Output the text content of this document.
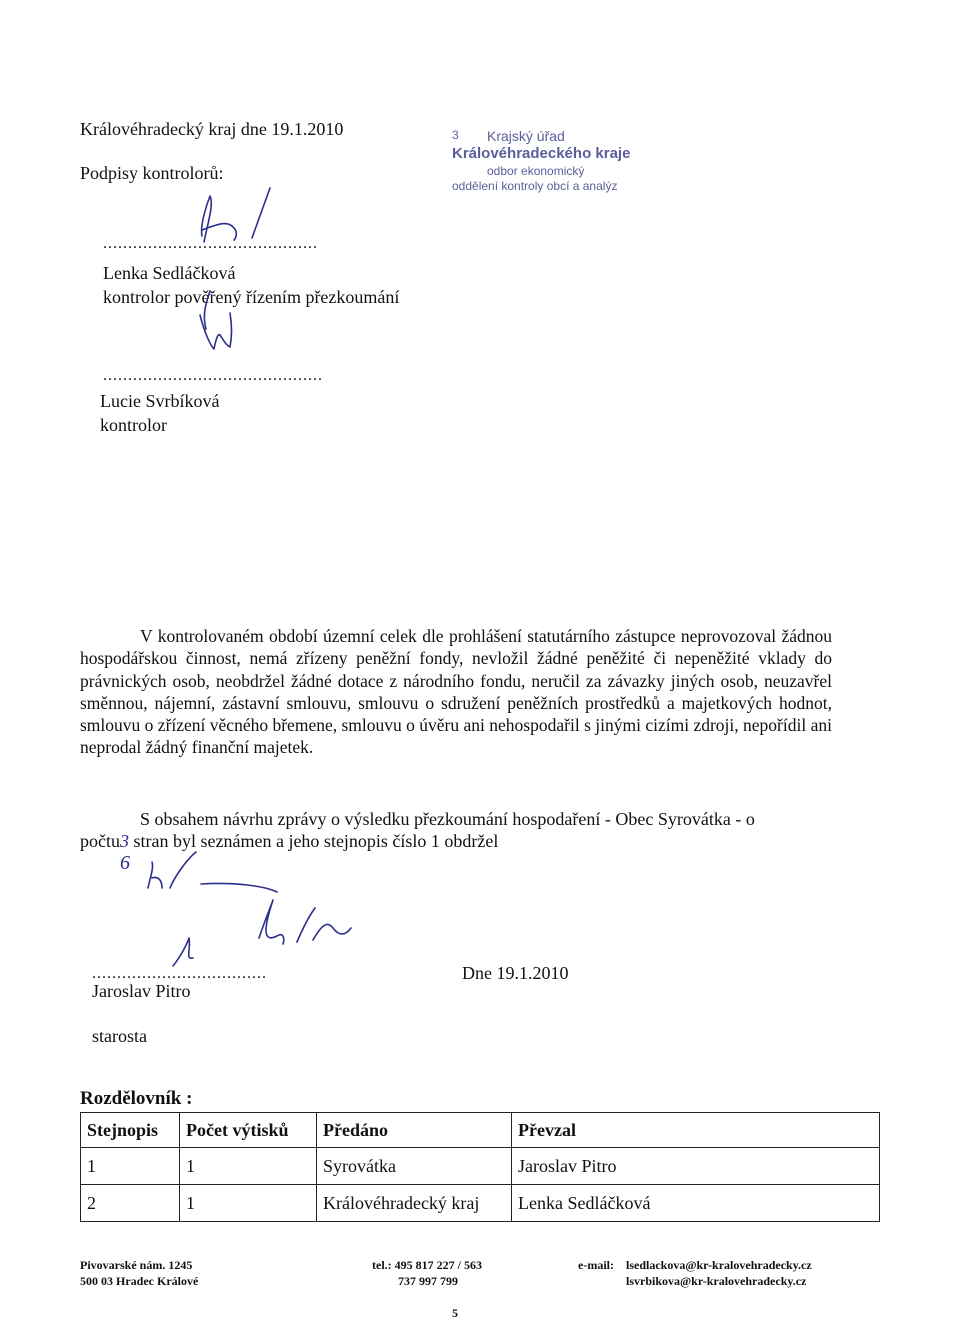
Královéhradecký kraj dne 19.1.2010
Podpisy kontrolorů:
3 Krajský úřad
Královéhradeckého kraje
odbor ekonomický
oddělení kontroly obcí a analýz
...........................................
Lenka Sedláčková
kontrolor pověřený řízením přezkoumání
............................................
Lucie Svrbíková
kontrolor
V kontrolovaném období územní celek dle prohlášení statutárního zástupce neprovozoval žádnou hospodářskou činnost, nemá zřízeny peněžní fondy, nevložil žádné peněžité či nepeněžité vklady do právnických osob, neobdržel žádné dotace z národního fondu, neručil za závazky jiných osob, neuzavřel směnnou, nájemní, zástavní smlouvu, smlouvu o sdružení peněžních prostředků a majetkových hodnot, smlouvu o zřízení věcného břemene, smlouvu o úvěru ani nehospodařil s jinými cizími zdroji, nepořídil ani neprodal žádný finanční majetek.
S obsahem návrhu zprávy o výsledku přezkoumání hospodaření - Obec Syrovátka - o
počtu3 stran byl seznámen a jeho stejnopis číslo 1 obdržel
6
...................................	Dne 19.1.2010
Jaroslav Pitro
starosta
Rozdělovník :
Stejnopis	Počet výtisků	Předáno	Převzal
1	1	Syrovátka	Jaroslav Pitro
2	1	Královéhradecký kraj	Lenka Sedláčková
Pivovarské nám. 1245
500 03 Hradec Králové
tel.: 495 817 227 / 563
737 997 799
e-mail: lsedlackova@kr-kralovehradecky.cz
lsvrbikova@kr-kralovehradecky.cz
5
